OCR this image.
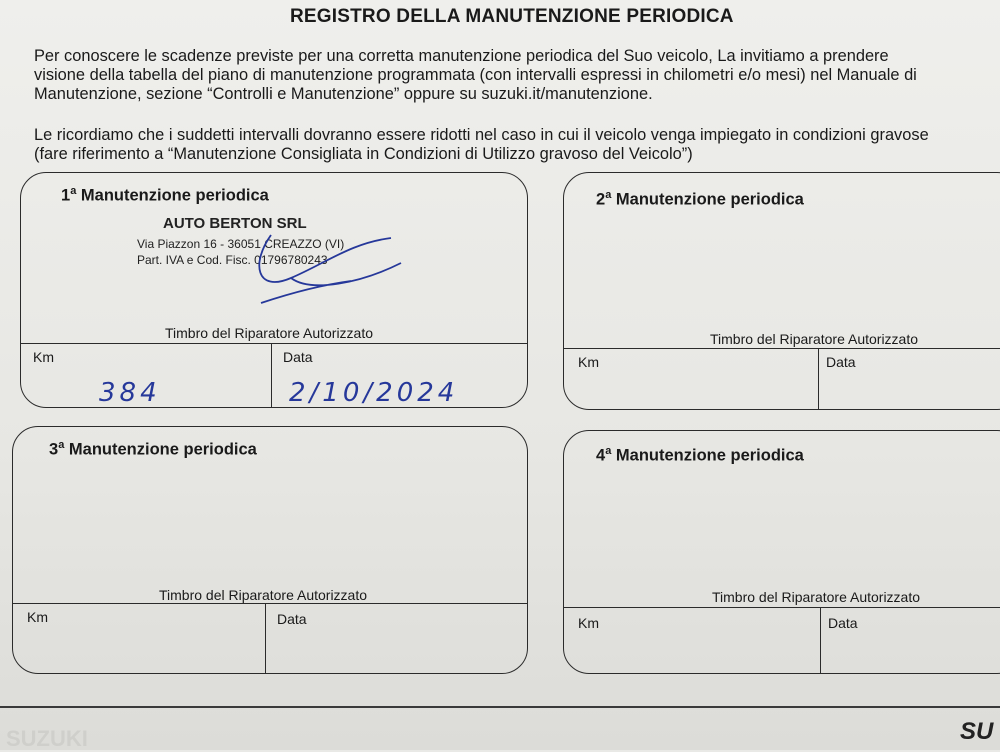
REGISTRO DELLA MANUTENZIONE PERIODICA
Per conoscere le scadenze previste per una corretta manutenzione periodica del Suo veicolo, La invitiamo a prendere
visione della tabella del piano di manutenzione programmata (con intervalli espressi in chilometri e/o mesi) nel Manuale di
Manutenzione, sezione “Controlli e Manutenzione” oppure su suzuki.it/manutenzione.
Le ricordiamo che i suddetti intervalli dovranno essere ridotti nel caso in cui il veicolo venga impiegato in condizioni gravose
(fare riferimento a “Manutenzione Consigliata in Condizioni di Utilizzo gravoso del Veicolo”)
1$^a$ Manutenzione periodica
AUTO BERTON SRL
Via Piazzon 16 - 36051 CREAZZO (VI)
Part. IVA e Cod. Fisc. 01796780243
Timbro del Riparatore Autorizzato
Km	Data
384	2/10/2024
2$^a$ Manutenzione periodica
Timbro del Riparatore Autorizzato
Km	Data
3$^a$ Manutenzione periodica
Timbro del Riparatore Autorizzato
Km	Data
4$^a$ Manutenzione periodica
Timbro del Riparatore Autorizzato
Km	Data
SUZUKI	SU
